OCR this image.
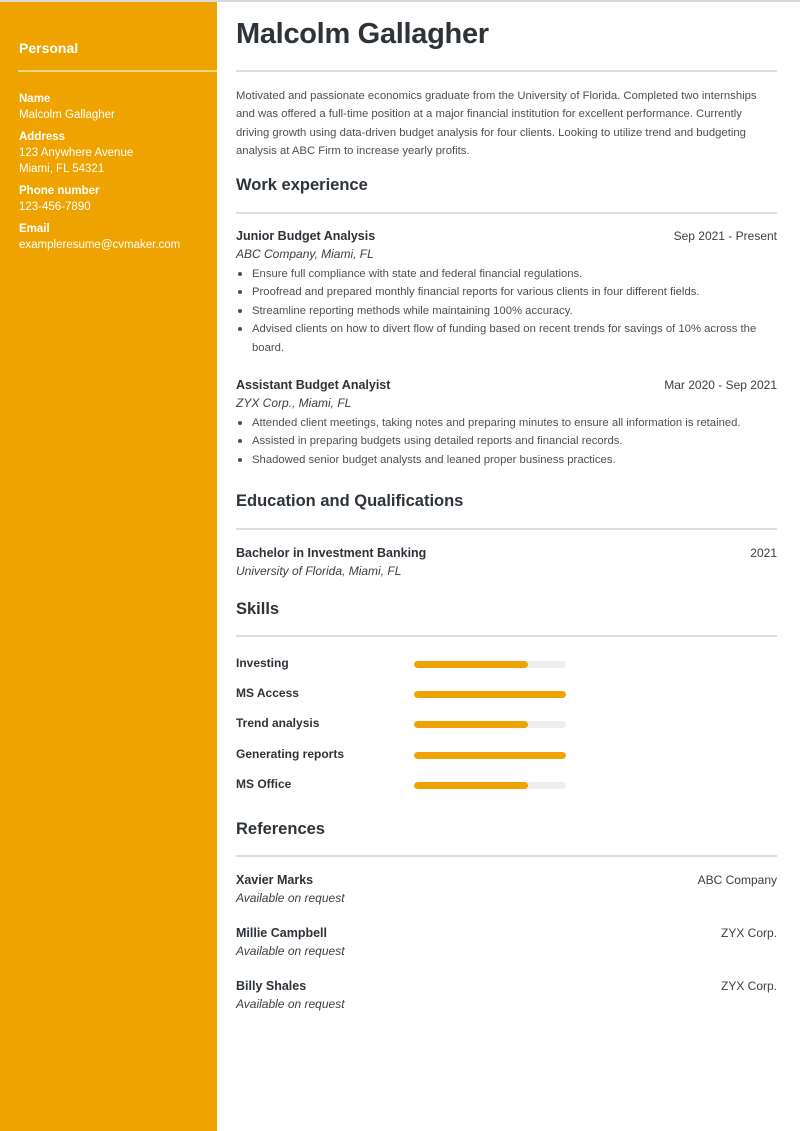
Personal
Name
Malcolm Gallagher
Address
123 Anywhere Avenue
Miami, FL 54321
Phone number
123-456-7890
Email
exampleresume@cvmaker.com
Malcolm Gallagher

Motivated and passionate economics graduate from the University of Florida. Completed two internships and was offered a full-time position at a major financial institution for excellent performance. Currently driving growth using data-driven budget analysis for four clients. Looking to utilize trend and budgeting analysis at ABC Firm to increase yearly profits.

Work experience
Junior Budget Analysis	Sep 2021 - Present
ABC Company, Miami, FL
Ensure full compliance with state and federal financial regulations.
Proofread and prepared monthly financial reports for various clients in four different fields.
Streamline reporting methods while maintaining 100% accuracy.
Advised clients on how to divert flow of funding based on recent trends for savings of 10% across the board.
Assistant Budget Analyist	Mar 2020 - Sep 2021
ZYX Corp., Miami, FL
Attended client meetings, taking notes and preparing minutes to ensure all information is retained.
Assisted in preparing budgets using detailed reports and financial records.
Shadowed senior budget analysts and leaned proper business practices.
Education and Qualifications
Bachelor in Investment Banking	2021
University of Florida, Miami, FL
Skills
Investing
MS Access
Trend analysis
Generating reports
MS Office
References
Xavier Marks	ABC Company
Available on request
Millie Campbell	ZYX Corp.
Available on request
Billy Shales	ZYX Corp.
Available on request
